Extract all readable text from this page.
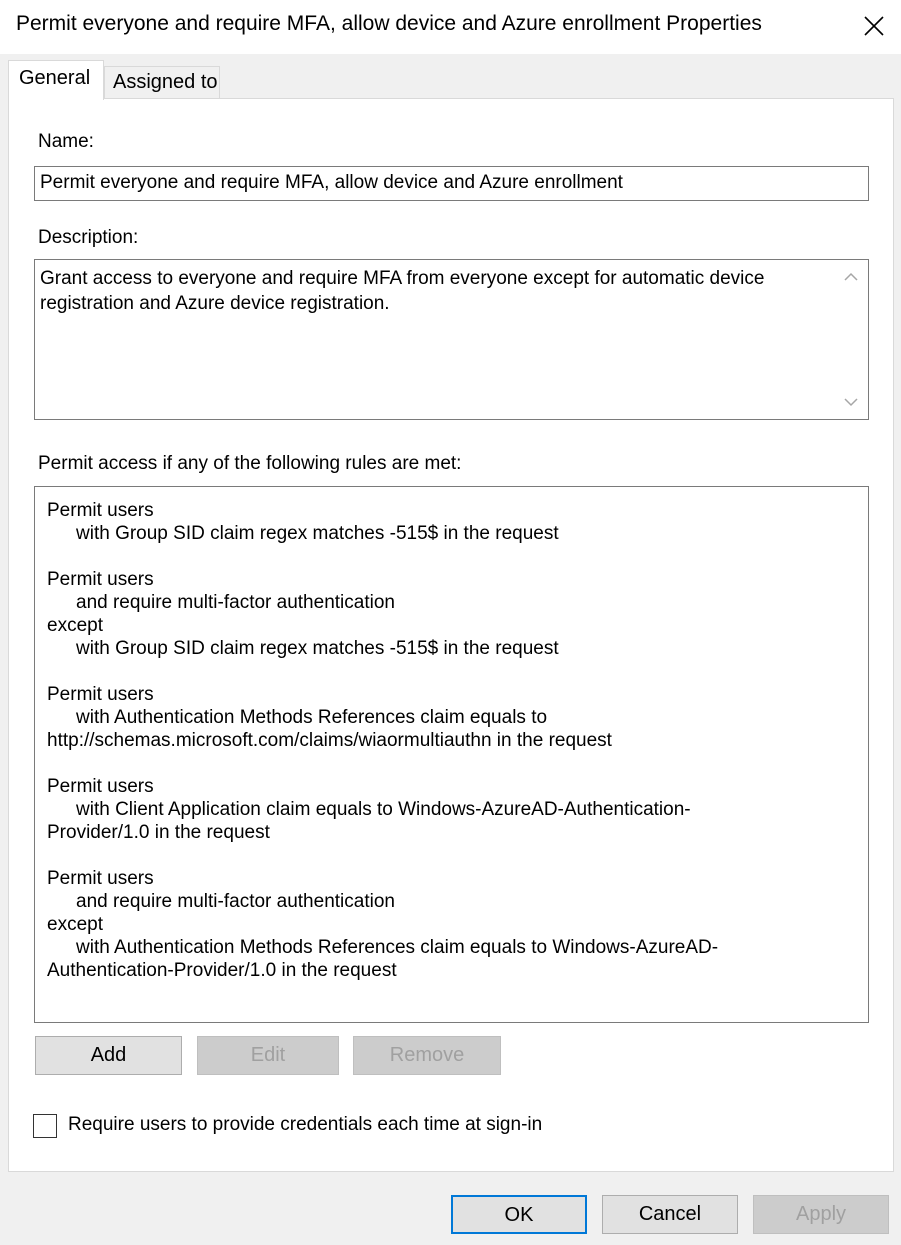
Permit everyone and require MFA, allow device and Azure enrollment Properties
General	Assigned to
Name:
Permit everyone and require MFA, allow device and Azure enrollment
Description:
Grant access to everyone and require MFA from everyone except for automatic device
registration and Azure device registration.
Permit access if any of the following rules are met:
Permit users
with Group SID claim regex matches -515$ in the request
Permit users
and require multi-factor authentication
except
with Group SID claim regex matches -515$ in the request
Permit users
with Authentication Methods References claim equals to
http://schemas.microsoft.com/claims/wiaormultiauthn in the request
Permit users
with Client Application claim equals to Windows-AzureAD-Authentication-
Provider/1.0 in the request
Permit users
and require multi-factor authentication
except
with Authentication Methods References claim equals to Windows-AzureAD-
Authentication-Provider/1.0 in the request
Add	Edit	Remove
Require users to provide credentials each time at sign-in
OK	Cancel	Apply
